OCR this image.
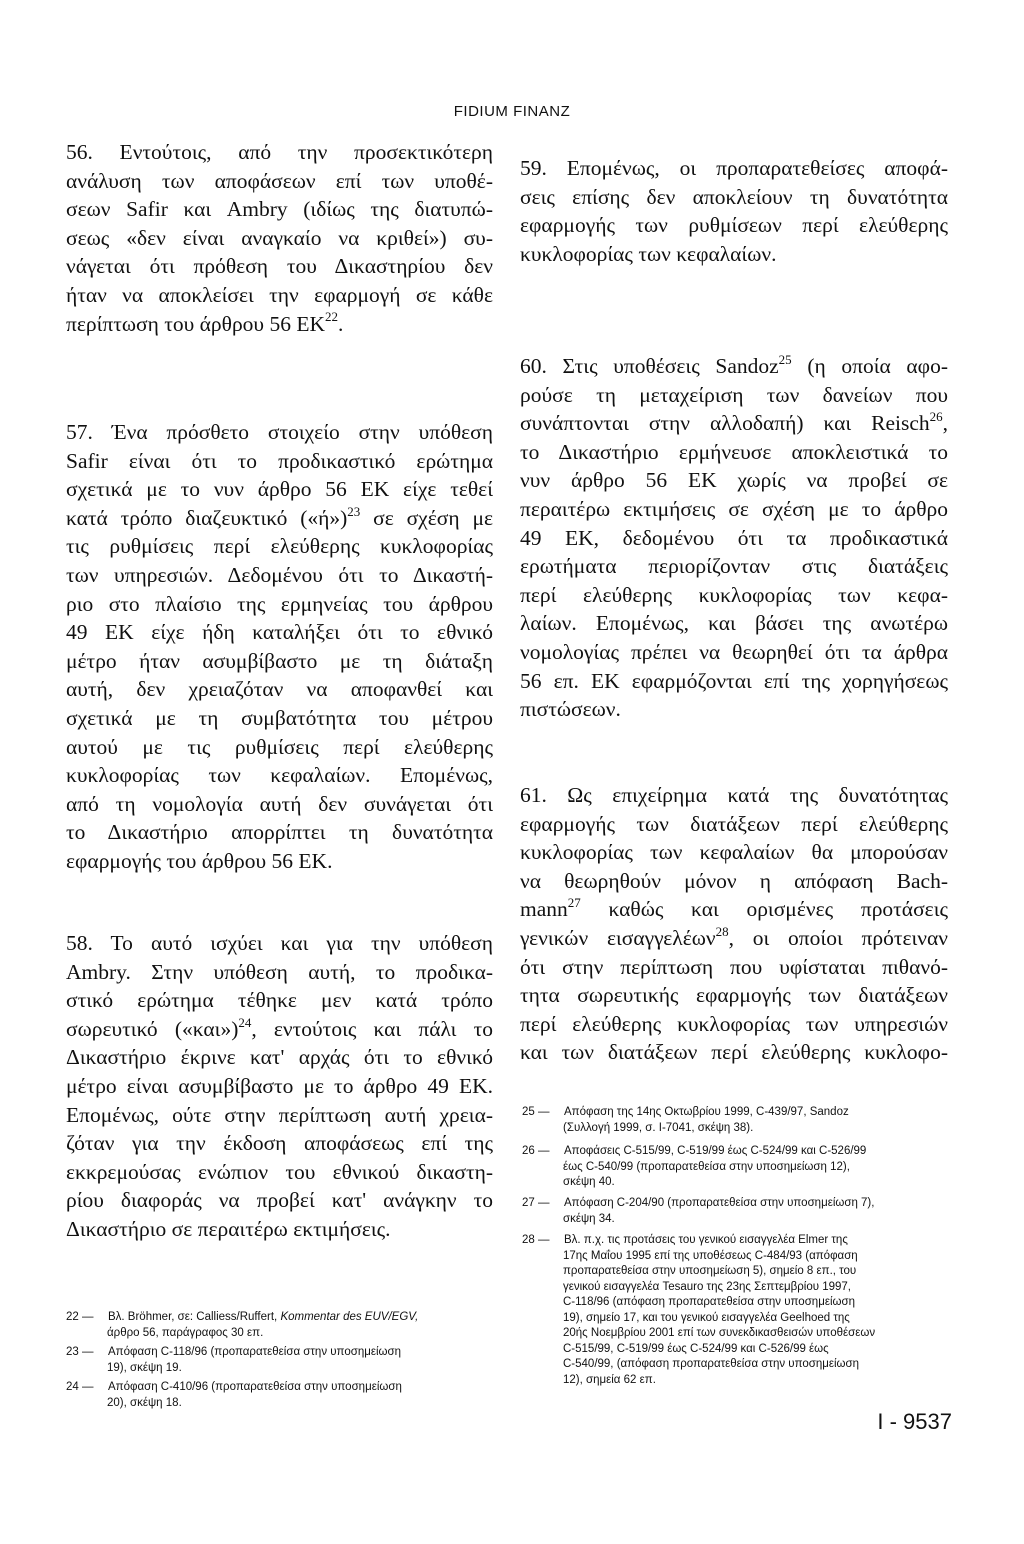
FIDIUM FINANZ
56. Εντούτοις, από την προσεκτικότερη
ανάλυση των αποφάσεων επί των υποθέ-
σεων Safir και Ambry (ιδίως της διατυπώ-
σεως «δεν είναι αναγκαίο να κριθεί») συ-
νάγεται ότι πρόθεση του Δικαστηρίου δεν
ήταν να αποκλείσει την εφαρμογή σε κάθε
περίπτωση του άρθρου 56 ΕΚ$^{22}$.
57. Ένα πρόσθετο στοιχείο στην υπόθεση
Safir είναι ότι το προδικαστικό ερώτημα
σχετικά με το νυν άρθρο 56 ΕΚ είχε τεθεί
κατά τρόπο διαζευκτικό («ή»)$^{23}$ σε σχέση με
τις ρυθμίσεις περί ελεύθερης κυκλοφορίας
των υπηρεσιών. Δεδομένου ότι το Δικαστή-
ριο στο πλαίσιο της ερμηνείας του άρθρου
49 ΕΚ είχε ήδη καταλήξει ότι το εθνικό
μέτρο ήταν ασυμβίβαστο με τη διάταξη
αυτή, δεν χρειαζόταν να αποφανθεί και
σχετικά με τη συμβατότητα του μέτρου
αυτού με τις ρυθμίσεις περί ελεύθερης
κυκλοφορίας των κεφαλαίων. Επομένως,
από τη νομολογία αυτή δεν συνάγεται ότι
το Δικαστήριο απορρίπτει τη δυνατότητα
εφαρμογής του άρθρου 56 ΕΚ.
58. Το αυτό ισχύει και για την υπόθεση
Ambry. Στην υπόθεση αυτή, το προδικα-
στικό ερώτημα τέθηκε μεν κατά τρόπο
σωρευτικό («και»)$^{24}$, εντούτοις και πάλι το
Δικαστήριο έκρινε κατ' αρχάς ότι το εθνικό
μέτρο είναι ασυμβίβαστο με το άρθρο 49 ΕΚ.
Επομένως, ούτε στην περίπτωση αυτή χρεια-
ζόταν για την έκδοση αποφάσεως επί της
εκκρεμούσας ενώπιον του εθνικού δικαστη-
ρίου διαφοράς να προβεί κατ' ανάγκην το
Δικαστήριο σε περαιτέρω εκτιμήσεις.
59. Επομένως, οι προπαρατεθείσες αποφά-
σεις επίσης δεν αποκλείουν τη δυνατότητα
εφαρμογής των ρυθμίσεων περί ελεύθερης
κυκλοφορίας των κεφαλαίων.
60. Στις υποθέσεις Sandoz$^{25}$ (η οποία αφο-
ρούσε τη μεταχείριση των δανείων που
συνάπτονται στην αλλοδαπή) και Reisch$^{26}$,
το Δικαστήριο ερμήνευσε αποκλειστικά το
νυν άρθρο 56 ΕΚ χωρίς να προβεί σε
περαιτέρω εκτιμήσεις σε σχέση με το άρθρο
49 ΕΚ, δεδομένου ότι τα προδικαστικά
ερωτήματα περιορίζονταν στις διατάξεις
περί ελεύθερης κυκλοφορίας των κεφα-
λαίων. Επομένως, και βάσει της ανωτέρω
νομολογίας πρέπει να θεωρηθεί ότι τα άρθρα
56 επ. ΕΚ εφαρμόζονται επί της χορηγήσεως
πιστώσεων.
61. Ως επιχείρημα κατά της δυνατότητας
εφαρμογής των διατάξεων περί ελεύθερης
κυκλοφορίας των κεφαλαίων θα μπορούσαν
να θεωρηθούν μόνον η απόφαση Bach-
mann$^{27}$ καθώς και ορισμένες προτάσεις
γενικών εισαγγελέων$^{28}$, οι οποίοι πρότειναν
ότι στην περίπτωση που υφίσταται πιθανό-
τητα σωρευτικής εφαρμογής των διατάξεων
περί ελεύθερης κυκλοφορίας των υπηρεσιών
και των διατάξεων περί ελεύθερης κυκλοφο-
22 — Βλ. Bröhmer, σε: Calliess/Ruffert, Kommentar des EUV/EGV,
άρθρο 56, παράγραφος 30 επ.
23 — Απόφαση C-118/96 (προπαρατεθείσα στην υποσημείωση
19), σκέψη 19.
24 — Απόφαση C-410/96 (προπαρατεθείσα στην υποσημείωση
20), σκέψη 18.
25 — Απόφαση της 14ης Οκτωβρίου 1999, C-439/97, Sandoz
(Συλλογή 1999, σ. I-7041, σκέψη 38).
26 — Αποφάσεις C-515/99, C-519/99 έως C-524/99 και C-526/99
έως C-540/99 (προπαρατεθείσα στην υποσημείωση 12),
σκέψη 40.
27 — Απόφαση C-204/90 (προπαρατεθείσα στην υποσημείωση 7),
σκέψη 34.
28 — Βλ. π.χ. τις προτάσεις του γενικού εισαγγελέα Elmer της
17ης Μαΐου 1995 επί της υποθέσεως C-484/93 (απόφαση
προπαρατεθείσα στην υποσημείωση 5), σημείο 8 επ., του
γενικού εισαγγελέα Tesauro της 23ης Σεπτεμβρίου 1997,
C-118/96 (απόφαση προπαρατεθείσα στην υποσημείωση
19), σημείο 17, και του γενικού εισαγγελέα Geelhoed της
20ής Νοεμβρίου 2001 επί των συνεκδικασθεισών υποθέσεων
C-515/99, C-519/99 έως C-524/99 και C-526/99 έως
C-540/99, (απόφαση προπαρατεθείσα στην υποσημείωση
12), σημεία 62 επ.
I - 9537
